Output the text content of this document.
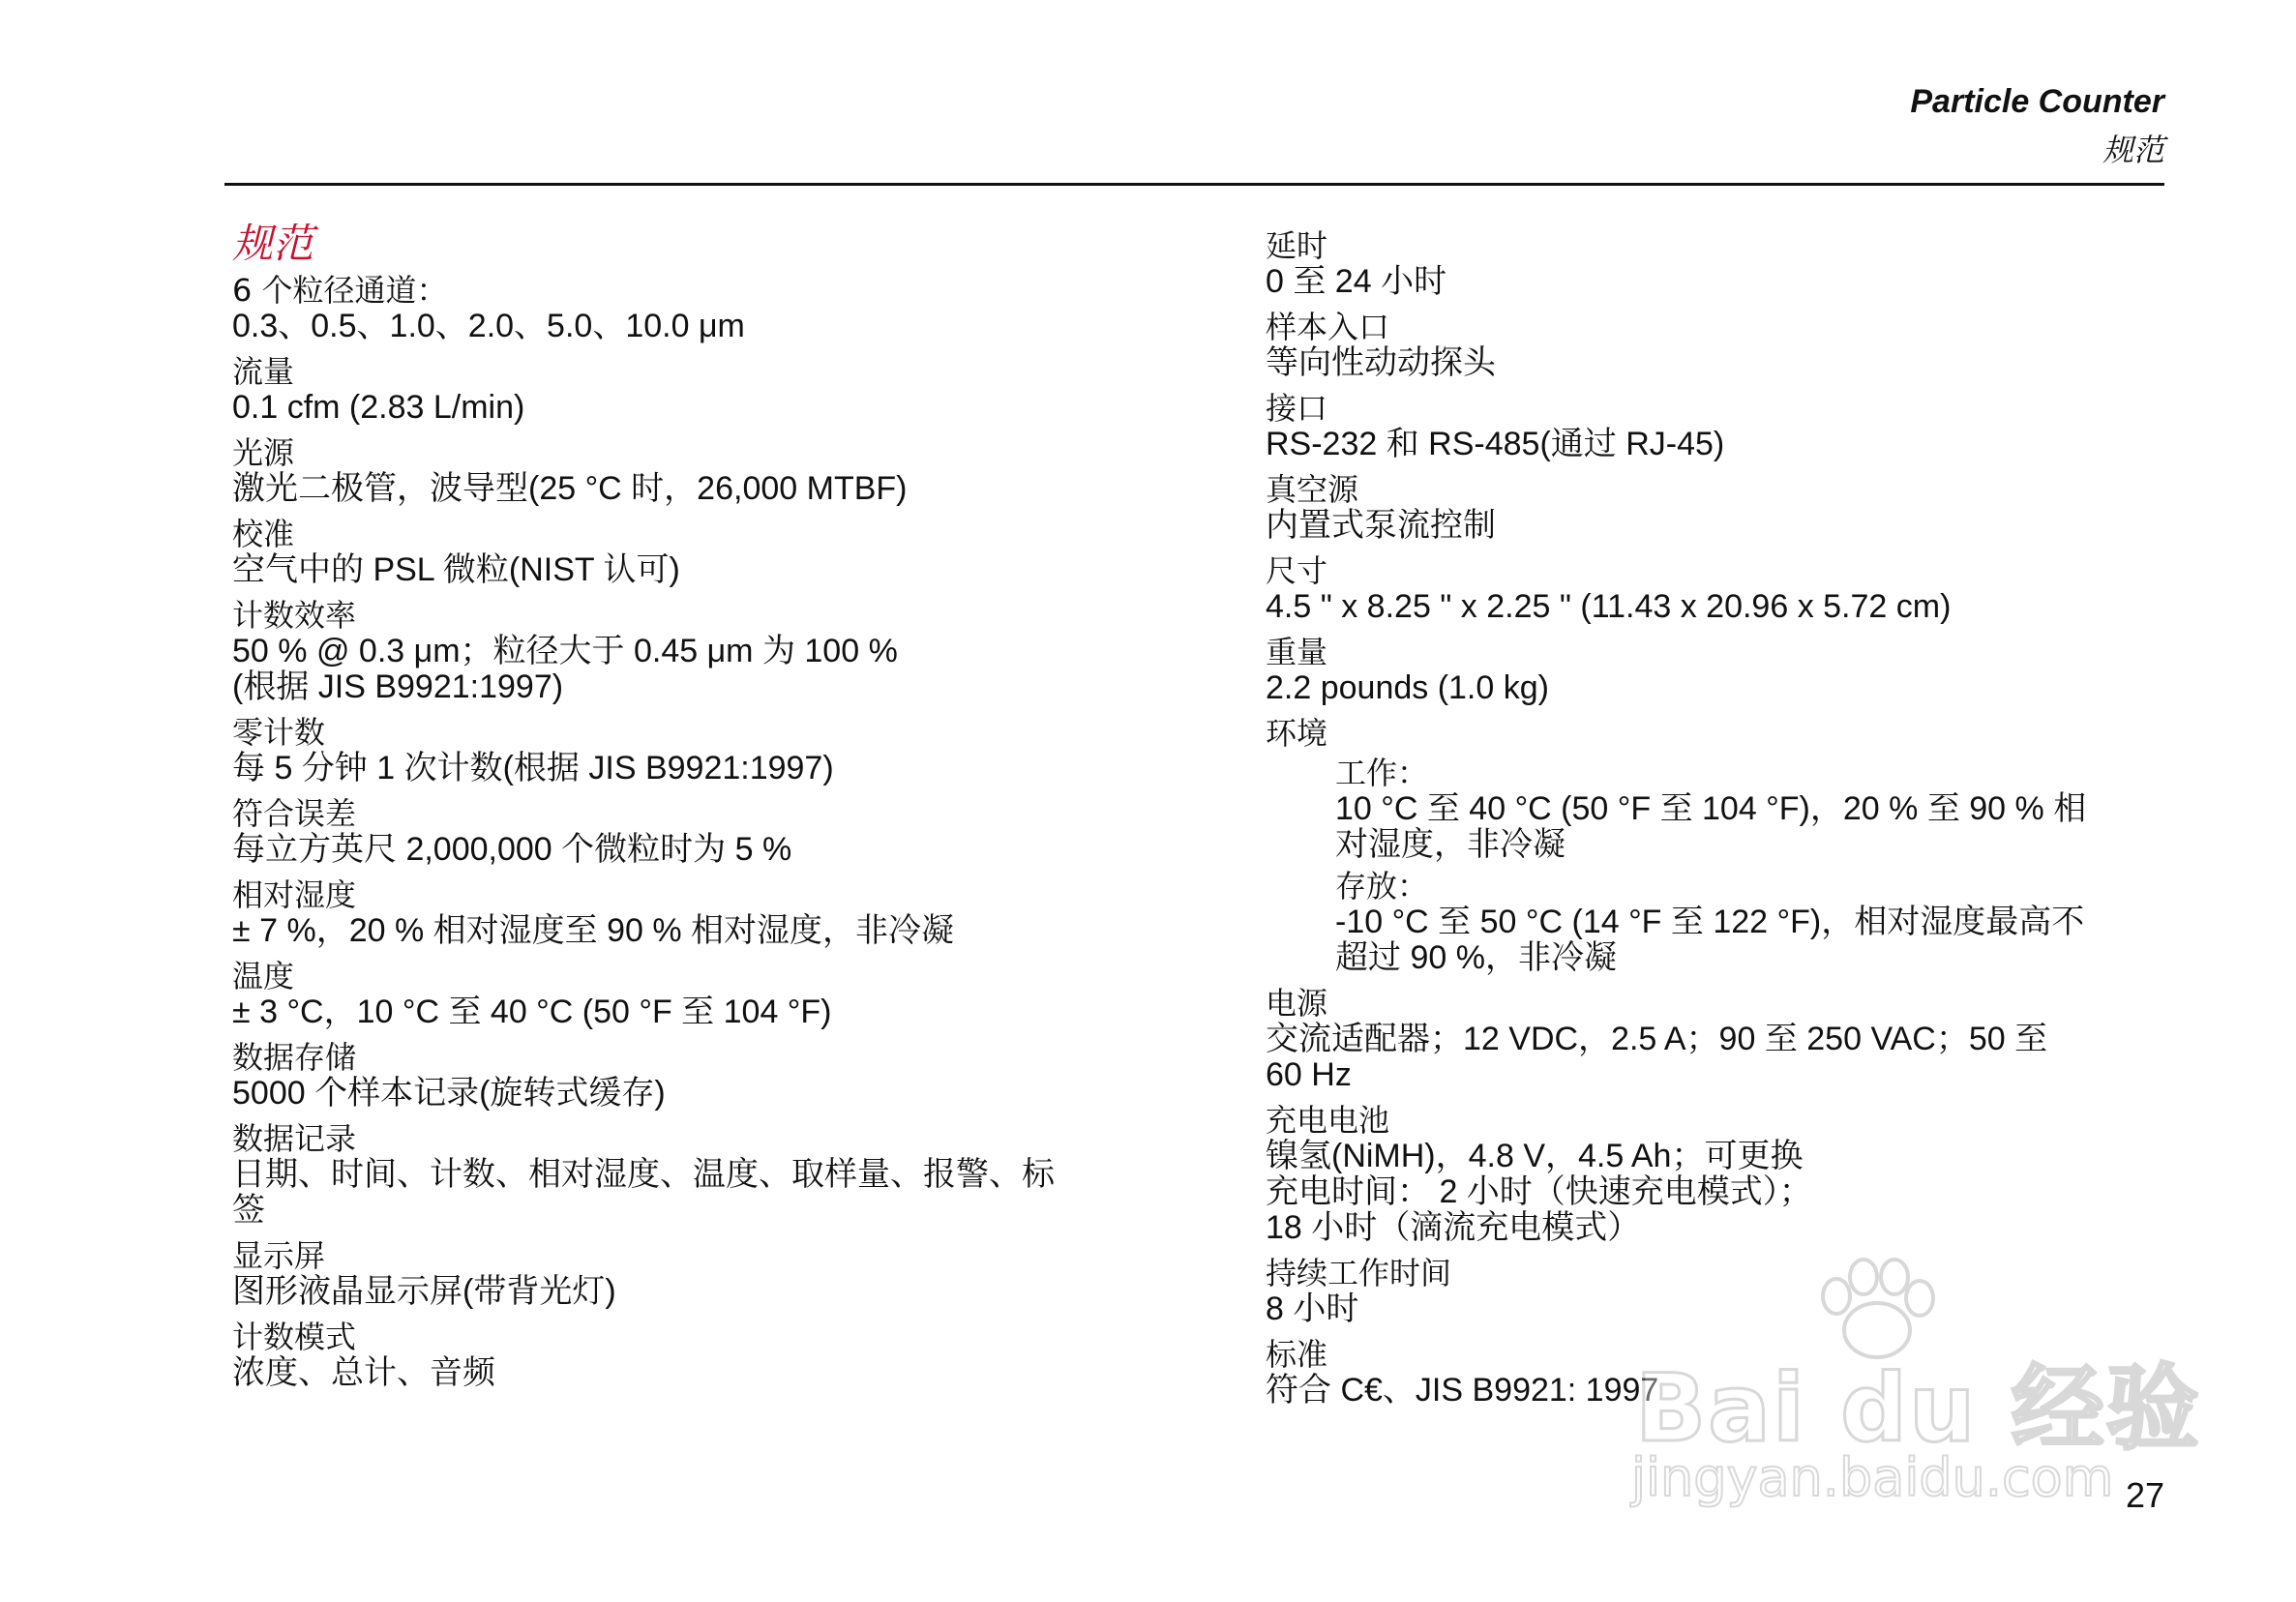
Particle Counter
规范
规范
6 个粒径通道：
0.3、0.5、1.0、2.0、5.0、10.0 μm
流量
0.1 cfm (2.83 L/min)
光源
激光二极管，波导型(25 °C 时，26,000 MTBF)
校准
空气中的 PSL 微粒(NIST 认可)
计数效率
50 % @ 0.3 μm；粒径大于 0.45 μm 为 100 %
(根据 JIS B9921:1997)
零计数
每 5 分钟 1 次计数(根据 JIS B9921:1997)
符合误差
每立方英尺 2,000,000 个微粒时为 5 %
相对湿度
± 7 %，20 % 相对湿度至 90 % 相对湿度，非冷凝
温度
± 3 °C，10 °C 至 40 °C (50 °F 至 104 °F)
数据存储
5000 个样本记录(旋转式缓存)
数据记录
日期、时间、计数、相对湿度、温度、取样量、报警、标
签
显示屏
图形液晶显示屏(带背光灯)
计数模式
浓度、总计、音频
延时
0 至 24 小时
样本入口
等向性动动探头
接口
RS-232 和 RS-485(通过 RJ-45)
真空源
内置式泵流控制
尺寸
4.5 " x 8.25 " x 2.25 " (11.43 x 20.96 x 5.72 cm)
重量
2.2 pounds (1.0 kg)
环境
工作：
10 °C 至 40 °C (50 °F 至 104 °F)，20 % 至 90 % 相
对湿度，非冷凝
存放：
-10 °C 至 50 °C (14 °F 至 122 °F)，相对湿度最高不
超过 90 %，非冷凝
电源
交流适配器；12 VDC，2.5 A；90 至 250 VAC；50 至
60 Hz
充电电池
镍氢(NiMH)，4.8 V，4.5 Ah；可更换
充电时间： 2 小时（快速充电模式）；
18 小时（滴流充电模式）
持续工作时间
8 小时
标准
符合 C€、JIS B9921: 1997
Bai du 经验
jingyan.baidu.com 27
